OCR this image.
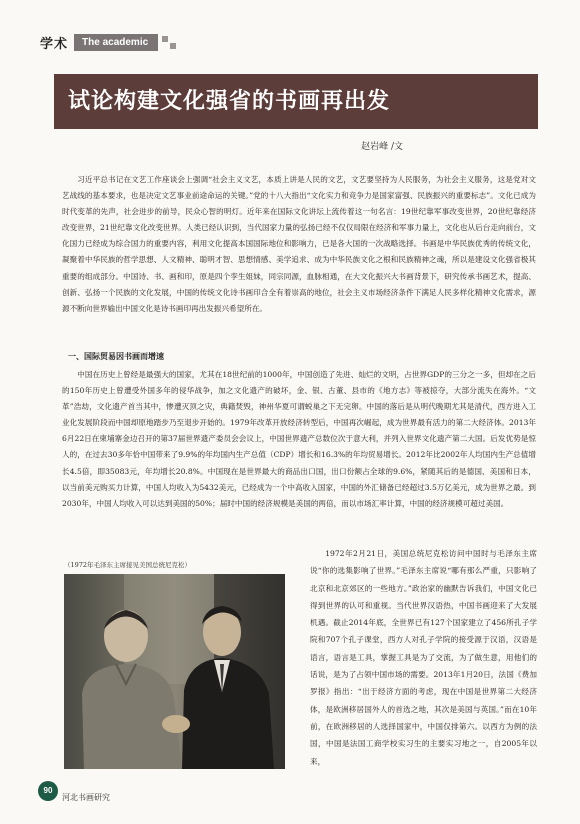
学术	The academic
试论构建文化强省的书画再出发
赵岩峰 /文

习近平总书记在文艺工作座谈会上强调“社会主义文艺，本质上讲是人民的文艺，文艺要坚持为人民服务，为社会主义服务，这是党对文艺战线的基本要求，也是决定文艺事业前途命运的关键。”党的十八大指出“文化实力和竞争力是国家富强、民族振兴的重要标志”。文化已成为时代变革的先声，社会进步的前导，民众心智的明灯。近年来在国际文化讲坛上流传着这一句名言：19世纪靠军事改变世界，20世纪靠经济改变世界，21世纪靠文化改变世界。人类已经认识到，当代国家力量的弘扬已经不仅仅局限在经济和军事力量上，文化也从后台走向前台，文化国力已经成为综合国力的重要内容，利用文化提高本国国际地位和影响力，已是各大国的一次战略选择。书画是中华民族优秀的传统文化，凝聚着中华民族的哲学思想、人文精神、聪明才智、思想情感、美学追求、成为中华民族文化之根和民族精神之魂，所以是建设文化强省极其重要的组成部分。中国诗、书、画和印，原是四个孪生姐妹，同宗同源，血脉相通，在大文化振兴大书画背景下，研究传承书画艺术，提高、创新、弘扬一个民族的文化发展，中国的传统文化诗书画印合全有着崇高的地位，社会主义市场经济条件下满足人民多样化精神文化需求，源源不断向世界输出中国文化是诗书画印再出发振兴希望所在。

一、国际贸易因书画而增速

中国在历史上曾经是最强大的国家，尤其在18世纪前的1000年，中国创造了先进、灿烂的文明，占世界GDP的三分之一多，但却在之后的150年历史上曾遭受外国多年的侵华战争，加之文化遗产的破坏，金、银、古董、县市的《地方志》等被掠夺，大部分流失在海外。“文革”浩劫，文化遗产首当其中，惨遭灭顶之灾，典籍焚毁，神州华夏可谓蜕巢之下无完卵。中国的落后是从明代晚期尤其是清代，西方进入工业化发展阶段而中国却原地踏步乃至退步开始的。1979年改革开放经济转型后，中国再次崛起，成为世界最有活力的第二大经济体。2013年6月22日在柬埔寨金边召开的第37届世界遗产委员会会议上，中国世界遗产总数位次于意大利，并列入世界文化遗产第二大国。后发优势是惊人的，在过去30多年恰中国带来了9.9%的年均国内生产总值（CDP）增长和16.3%的年均贸易增长。2012年比2002年人均国内生产总值增长4.5倍，即35083元，年均增长20.8%。中国现在是世界最大的商品出口国，出口份额占全球的9.6%，紧随其后的是德国、美国和日本，以当前美元购买力计算，中国人均收入为5432美元，已经成为一个中高收入国家，中国的外汇储备已经超过3.5万亿美元，成为世界之最。到2030年，中国人均收入可以达到美国的50%；届时中国的经济规模是美国的两倍，而以市场汇率计算，中国的经济规模可超过美国。

（1972年毛泽东主席接见美国总统尼克松）

1972年2月21日，美国总统尼克松访问中国时与毛泽东主席说“你的选集影响了世界。”毛泽东主席说“哪有那么严重，只影响了北京和北京郊区的一些地方。”政治家的幽默告诉我们，中国文化已得到世界的认可和重视。当代世界汉语热，中国书画迎来了大发展机遇。截止2014年底，全世界已有127个国家建立了456所孔子学院和707个孔子课堂，西方人对孔子学院的接受源于汉语，汉语是语言，语言是工具，掌握工具是为了交流，为了做生意，用他们的话说，是为了占领中国市场的需要。2013年1月20日，法国《费加罗报》指出：“出于经济方面的考虑，现在中国是世界第二大经济体，是欧洲移居国外人的首选之地，其次是美国与英国。”而在10年前，在欧洲移居的人选择国家中，中国仅排第六。以西方为例的法国，中国是法国工商学校实习生的主要实习地之一，自2005年以来，

90
河北书画研究
